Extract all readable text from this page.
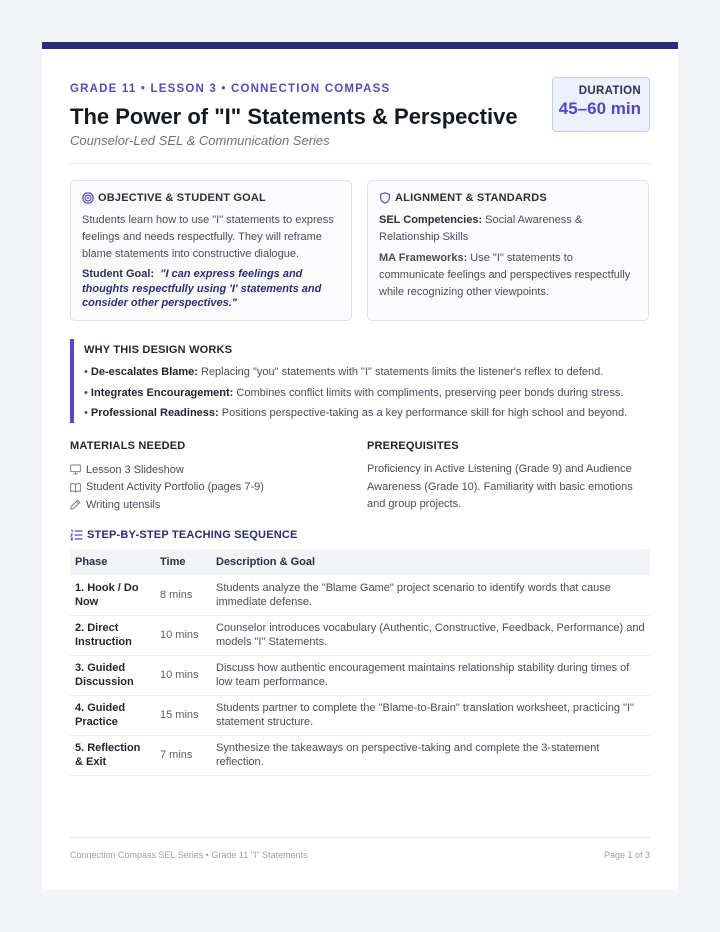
GRADE 11 • LESSON 3 • CONNECTION COMPASS
The Power of "I" Statements & Perspective
Counselor-Led SEL & Communication Series
DURATION
45–60 min
OBJECTIVE & STUDENT GOAL

Students learn how to use "I" statements to express feelings and needs respectfully. They will reframe blame statements into constructive dialogue.

Student Goal: "I can express feelings and thoughts respectfully using 'I' statements and consider other perspectives."

ALIGNMENT & STANDARDS

SEL Competencies: Social Awareness & Relationship Skills

MA Frameworks: Use "I" statements to communicate feelings and perspectives respectfully while recognizing other viewpoints.

WHY THIS DESIGN WORKS
• De-escalates Blame: Replacing "you" statements with "I" statements limits the listener's reflex to defend.
• Integrates Encouragement: Combines conflict limits with compliments, preserving peer bonds during stress.
• Professional Readiness: Positions perspective-taking as a key performance skill for high school and beyond.
MATERIALS NEEDED
Lesson 3 Slideshow
Student Activity Portfolio (pages 7-9)
Writing utensils
PREREQUISITES

Proficiency in Active Listening (Grade 9) and Audience Awareness (Grade 10). Familiarity with basic emotions and group projects.

STEP-BY-STEP TEACHING SEQUENCE
Phase	Time	Description & Goal
1. Hook / Do Now	8 mins	Students analyze the "Blame Game" project scenario to identify words that cause immediate defense.
2. Direct Instruction	10 mins	Counselor introduces vocabulary (Authentic, Constructive, Feedback, Performance) and models "I" Statements.
3. Guided Discussion	10 mins	Discuss how authentic encouragement maintains relationship stability during times of low team performance.
4. Guided Practice	15 mins	Students partner to complete the "Blame-to-Brain" translation worksheet, practicing "I" statement structure.
5. Reflection & Exit	7 mins	Synthesize the takeaways on perspective-taking and complete the 3-statement reflection.
Connection Compass SEL Series • Grade 11 "I" Statements	Page 1 of 3
